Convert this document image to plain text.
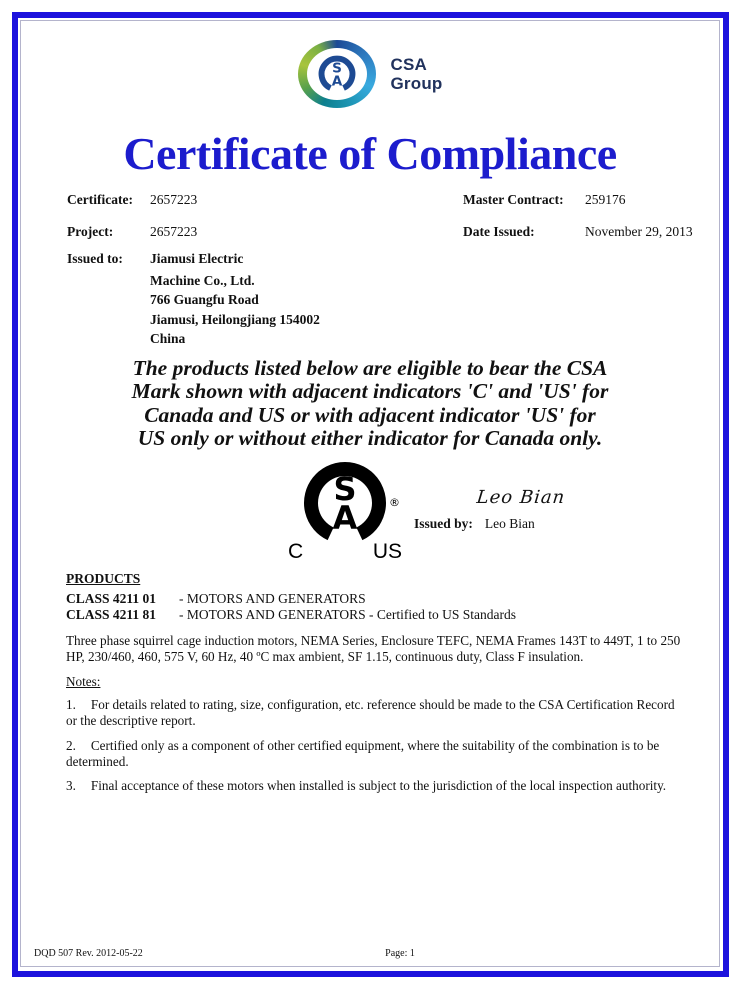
S
A
CSA
Group
Certificate of Compliance
Certificate: 2657223	Master Contract: 259176
Project:	2657223	Date Issued:	November 29, 2013
Issued to: Jiamusi Electric
Machine Co., Ltd.
766 Guangfu Road
Jiamusi, Heilongjiang 154002
China
The products listed below are eligible to bear the CSA
Mark shown with adjacent indicators 'C' and 'US' for
Canada and US or with adjacent indicator 'US' for
US only or without either indicator for Canada only.
S
A	®
C	US
Leo Bian
Issued by: Leo Bian
PRODUCTS
CLASS 4211 01 - MOTORS AND GENERATORS
CLASS 4211 81 - MOTORS AND GENERATORS - Certified to US Standards
Three phase squirrel cage induction motors, NEMA Series, Enclosure TEFC, NEMA Frames 143T to 449T, 1 to 250 HP, 230/460, 460, 575 V, 60 Hz, 40 ºC max ambient, SF 1.15, continuous duty, Class F insulation.
Notes:
1. For details related to rating, size, configuration, etc. reference should be made to the CSA Certification Record or the descriptive report.
2. Certified only as a component of other certified equipment, where the suitability of the combination is to be determined.
3. Final acceptance of these motors when installed is subject to the jurisdiction of the local inspection authority.
DQD 507 Rev. 2012-05-22	Page: 1
